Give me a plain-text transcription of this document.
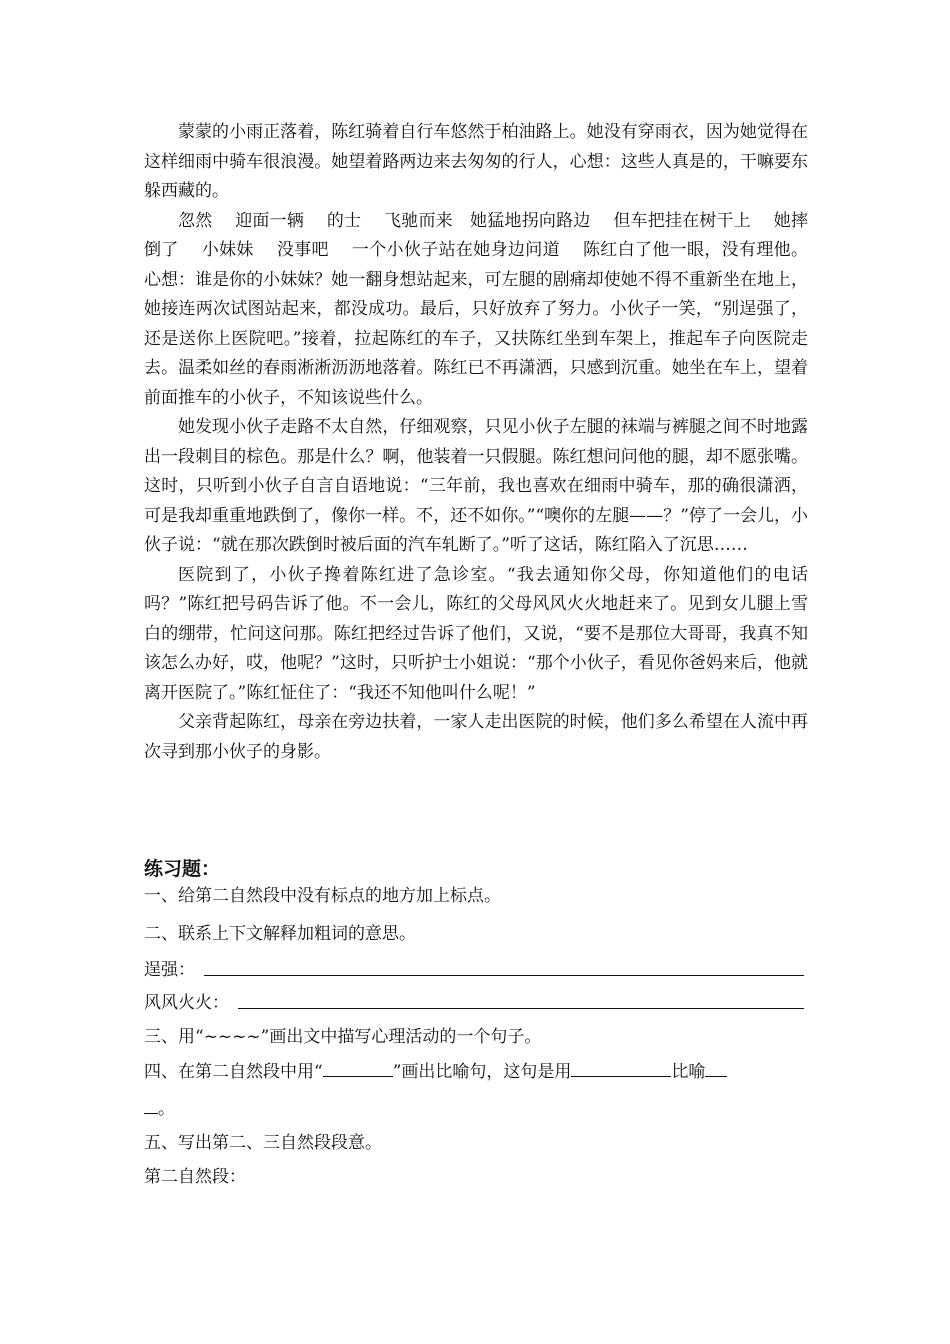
蒙蒙的小雨正落着，陈红骑着自行车悠然于柏油路上。她没有穿雨衣，因为她觉得在这样细雨中骑车很浪漫。她望着路两边来去匆匆的行人，心想：这些人真是的，干嘛要东躲西藏的。

忽然　 迎面一辆　 的士　 飞驰而来　她猛地拐向路边　 但车把挂在树干上　 她摔倒了　 小妹妹　 没事吧　 一个小伙子站在她身边问道　 陈红白了他一眼，没有理他。心想：谁是你的小妹妹？她一翻身想站起来，可左腿的剧痛却使她不得不重新坐在地上，她接连两次试图站起来，都没成功。最后，只好放弃了努力。小伙子一笑，“别逞强了，还是送你上医院吧。”接着，拉起陈红的车子，又扶陈红坐到车架上，推起车子向医院走去。温柔如丝的春雨淅淅沥沥地落着。陈红已不再潇洒，只感到沉重。她坐在车上，望着前面推车的小伙子，不知该说些什么。

她发现小伙子走路不太自然，仔细观察，只见小伙子左腿的袜端与裤腿之间不时地露出一段刺目的棕色。那是什么？啊，他装着一只假腿。陈红想问问他的腿，却不愿张嘴。这时，只听到小伙子自言自语地说：“三年前，我也喜欢在细雨中骑车，那的确很潇洒，可是我却重重地跌倒了，像你一样。不，还不如你。”“噢你的左腿——？”停了一会儿，小伙子说：“就在那次跌倒时被后面的汽车轧断了。”听了这话，陈红陷入了沉思……

医院到了，小伙子搀着陈红进了急诊室。“我去通知你父母，你知道他们的电话吗？”陈红把号码告诉了他。不一会儿，陈红的父母风风火火地赶来了。见到女儿腿上雪白的绷带，忙问这问那。陈红把经过告诉了他们，又说，“要不是那位大哥哥，我真不知该怎么办好，哎，他呢？”这时，只听护士小姐说：“那个小伙子，看见你爸妈来后，他就离开医院了。”陈红怔住了：“我还不知他叫什么呢！”

父亲背起陈红，母亲在旁边扶着，一家人走出医院的时候，他们多么希望在人流中再次寻到那小伙子的身影。

练习题：
一、给第二自然段中没有标点的地方加上标点。
二、联系上下文解释加粗词的意思。
逞强：
风风火火：
三、用“~~~~”画出文中描写心理活动的一个句子。
四、在第二自然段中用“	”画出比喻句，这句是用	比喻
。
五、写出第二、三自然段段意。
第二自然段：
